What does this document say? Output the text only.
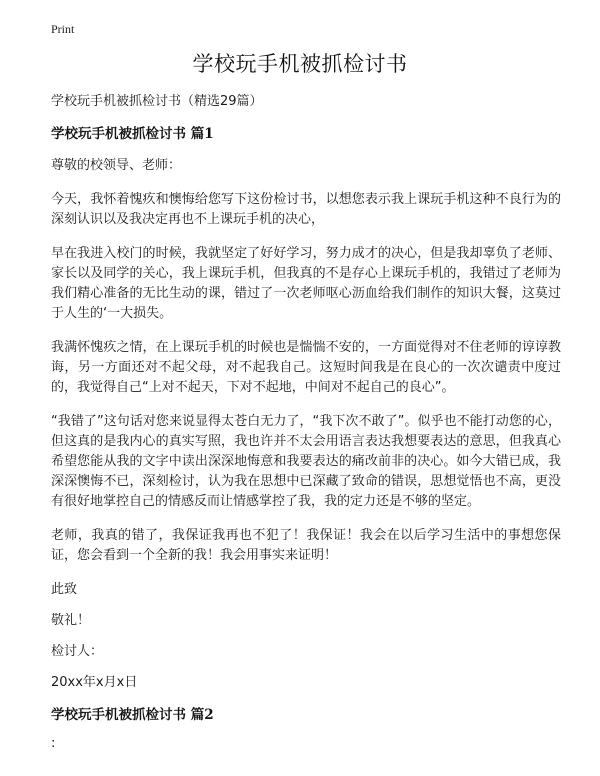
Print
学校玩手机被抓检讨书

学校玩手机被抓检讨书（精选29篇）

学校玩手机被抓检讨书 篇1

尊敬的校领导、老师：

今天，我怀着愧疚和懊悔给您写下这份检讨书，以想您表示我上课玩手机这种不良行为的深刻认识以及我决定再也不上课玩手机的决心，

早在我进入校门的时候，我就坚定了好好学习，努力成才的决心，但是我却辜负了老师、家长以及同学的关心，我上课玩手机，但我真的不是存心上课玩手机的，我错过了老师为我们精心准备的无比生动的课，错过了一次老师呕心沥血给我们制作的知识大餐，这莫过于人生的‘一大损失。

我满怀愧疚之情，在上课玩手机的时候也是惴惴不安的，一方面觉得对不住老师的谆谆教诲，另一方面还对不起父母，对不起我自己。这短时间我是在良心的一次次谴责中度过的，我觉得自己“上对不起天，下对不起地，中间对不起自己的良心”。

“我错了”这句话对您来说显得太苍白无力了，“我下次不敢了”。似乎也不能打动您的心，但这真的是我内心的真实写照，我也许并不太会用语言表达我想要表达的意思，但我真心希望您能从我的文字中读出深深地悔意和我要表达的痛改前非的决心。如今大错已成，我深深懊悔不已，深刻检讨，认为我在思想中已深藏了致命的错误，思想觉悟也不高，更没有很好地掌控自己的情感反而让情感掌控了我，我的定力还是不够的坚定。

老师，我真的错了，我保证我再也不犯了！我保证！我会在以后学习生活中的事想您保证，您会看到一个全新的我！我会用事实来证明！

此致

敬礼！

检讨人：

20xx年x月x日

学校玩手机被抓检讨书 篇2

:
